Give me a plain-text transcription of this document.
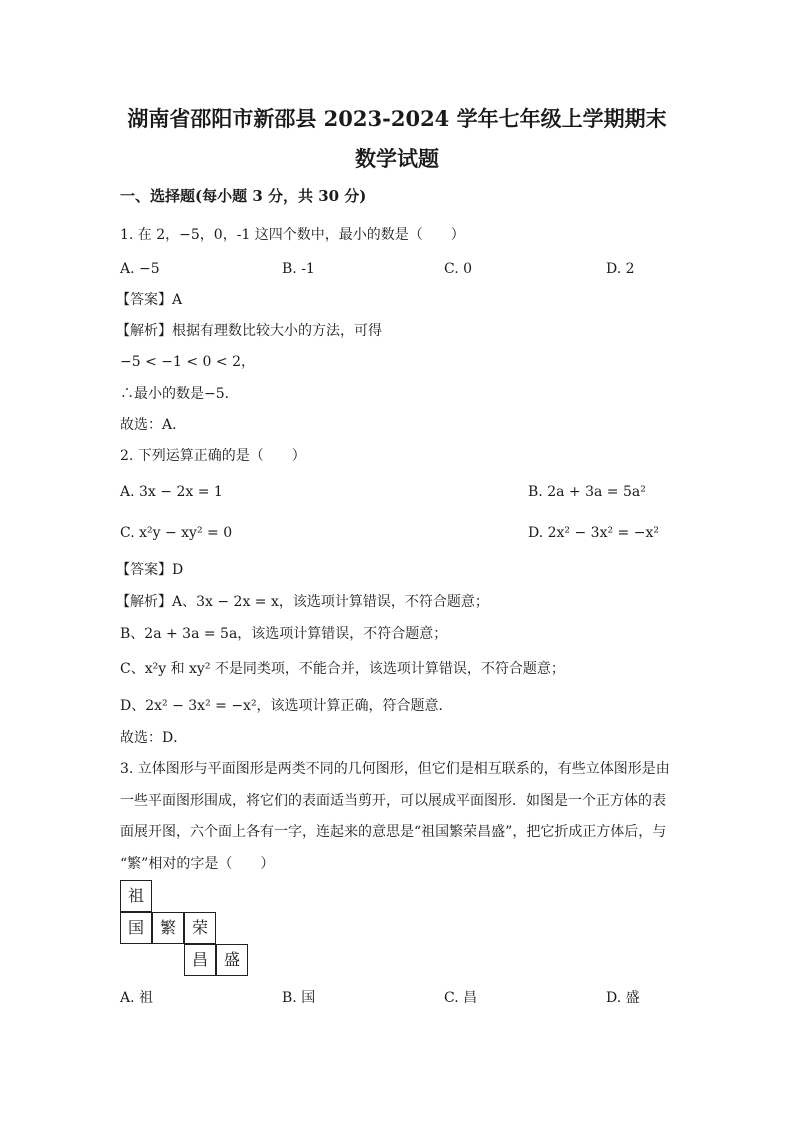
湖南省邵阳市新邵县 2023-2024 学年七年级上学期期末
数学试题
一、选择题(每小题 3 分，共 30 分)
1. 在 2，−5，0，-1 这四个数中，最小的数是（　　）
A. −5	B. -1	C. 0	D. 2
【答案】A
【解析】根据有理数比较大小的方法，可得
−5 < −1 < 0 < 2，
∴最小的数是−5．
故选：A．
2. 下列运算正确的是（　　）
A. 3x − 2x = 1	B. 2a + 3a = 5a²
C. x²y − xy² = 0	D. 2x² − 3x² = −x²
【答案】D
【解析】A、3x − 2x = x，该选项计算错误，不符合题意；
B、2a + 3a = 5a，该选项计算错误，不符合题意；
C、x²y 和 xy² 不是同类项，不能合并，该选项计算错误，不符合题意；
D、2x² − 3x² = −x²，该选项计算正确，符合题意．
故选：D．
3. 立体图形与平面图形是两类不同的几何图形，但它们是相互联系的，有些立体图形是由
一些平面图形围成，将它们的表面适当剪开，可以展成平面图形．如图是一个正方体的表
面展开图，六个面上各有一字，连起来的意思是“祖国繁荣昌盛”，把它折成正方体后，与
“繁”相对的字是（　　）
祖
国 繁 荣
昌 盛
A. 祖	B. 国	C. 昌	D. 盛
